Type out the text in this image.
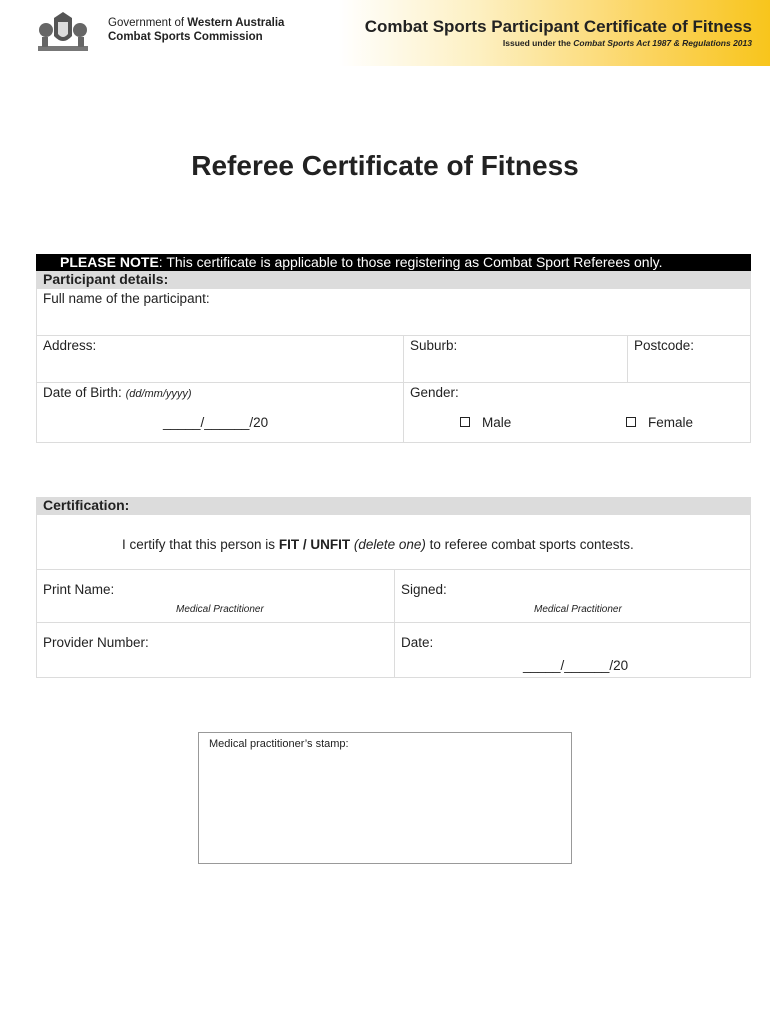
Government of Western Australia
Combat Sports Commission
Combat Sports Participant Certificate of Fitness
Issued under the Combat Sports Act 1987 & Regulations 2013
Referee Certificate of Fitness
PLEASE NOTE: This certificate is applicable to those registering as Combat Sport Referees only.
Participant details:
Full name of the participant:
Address:	Suburb:	Postcode:
Date of Birth: (dd/mm/yyyy)
_____/______/20
Gender:
Male	Female
Certification:
I certify that this person is FIT / UNFIT (delete one) to referee combat sports contests.
Print Name:
Medical Practitioner
Signed:
Medical Practitioner
Provider Number:	Date:
_____/______/20
Medical practitioner’s stamp:
